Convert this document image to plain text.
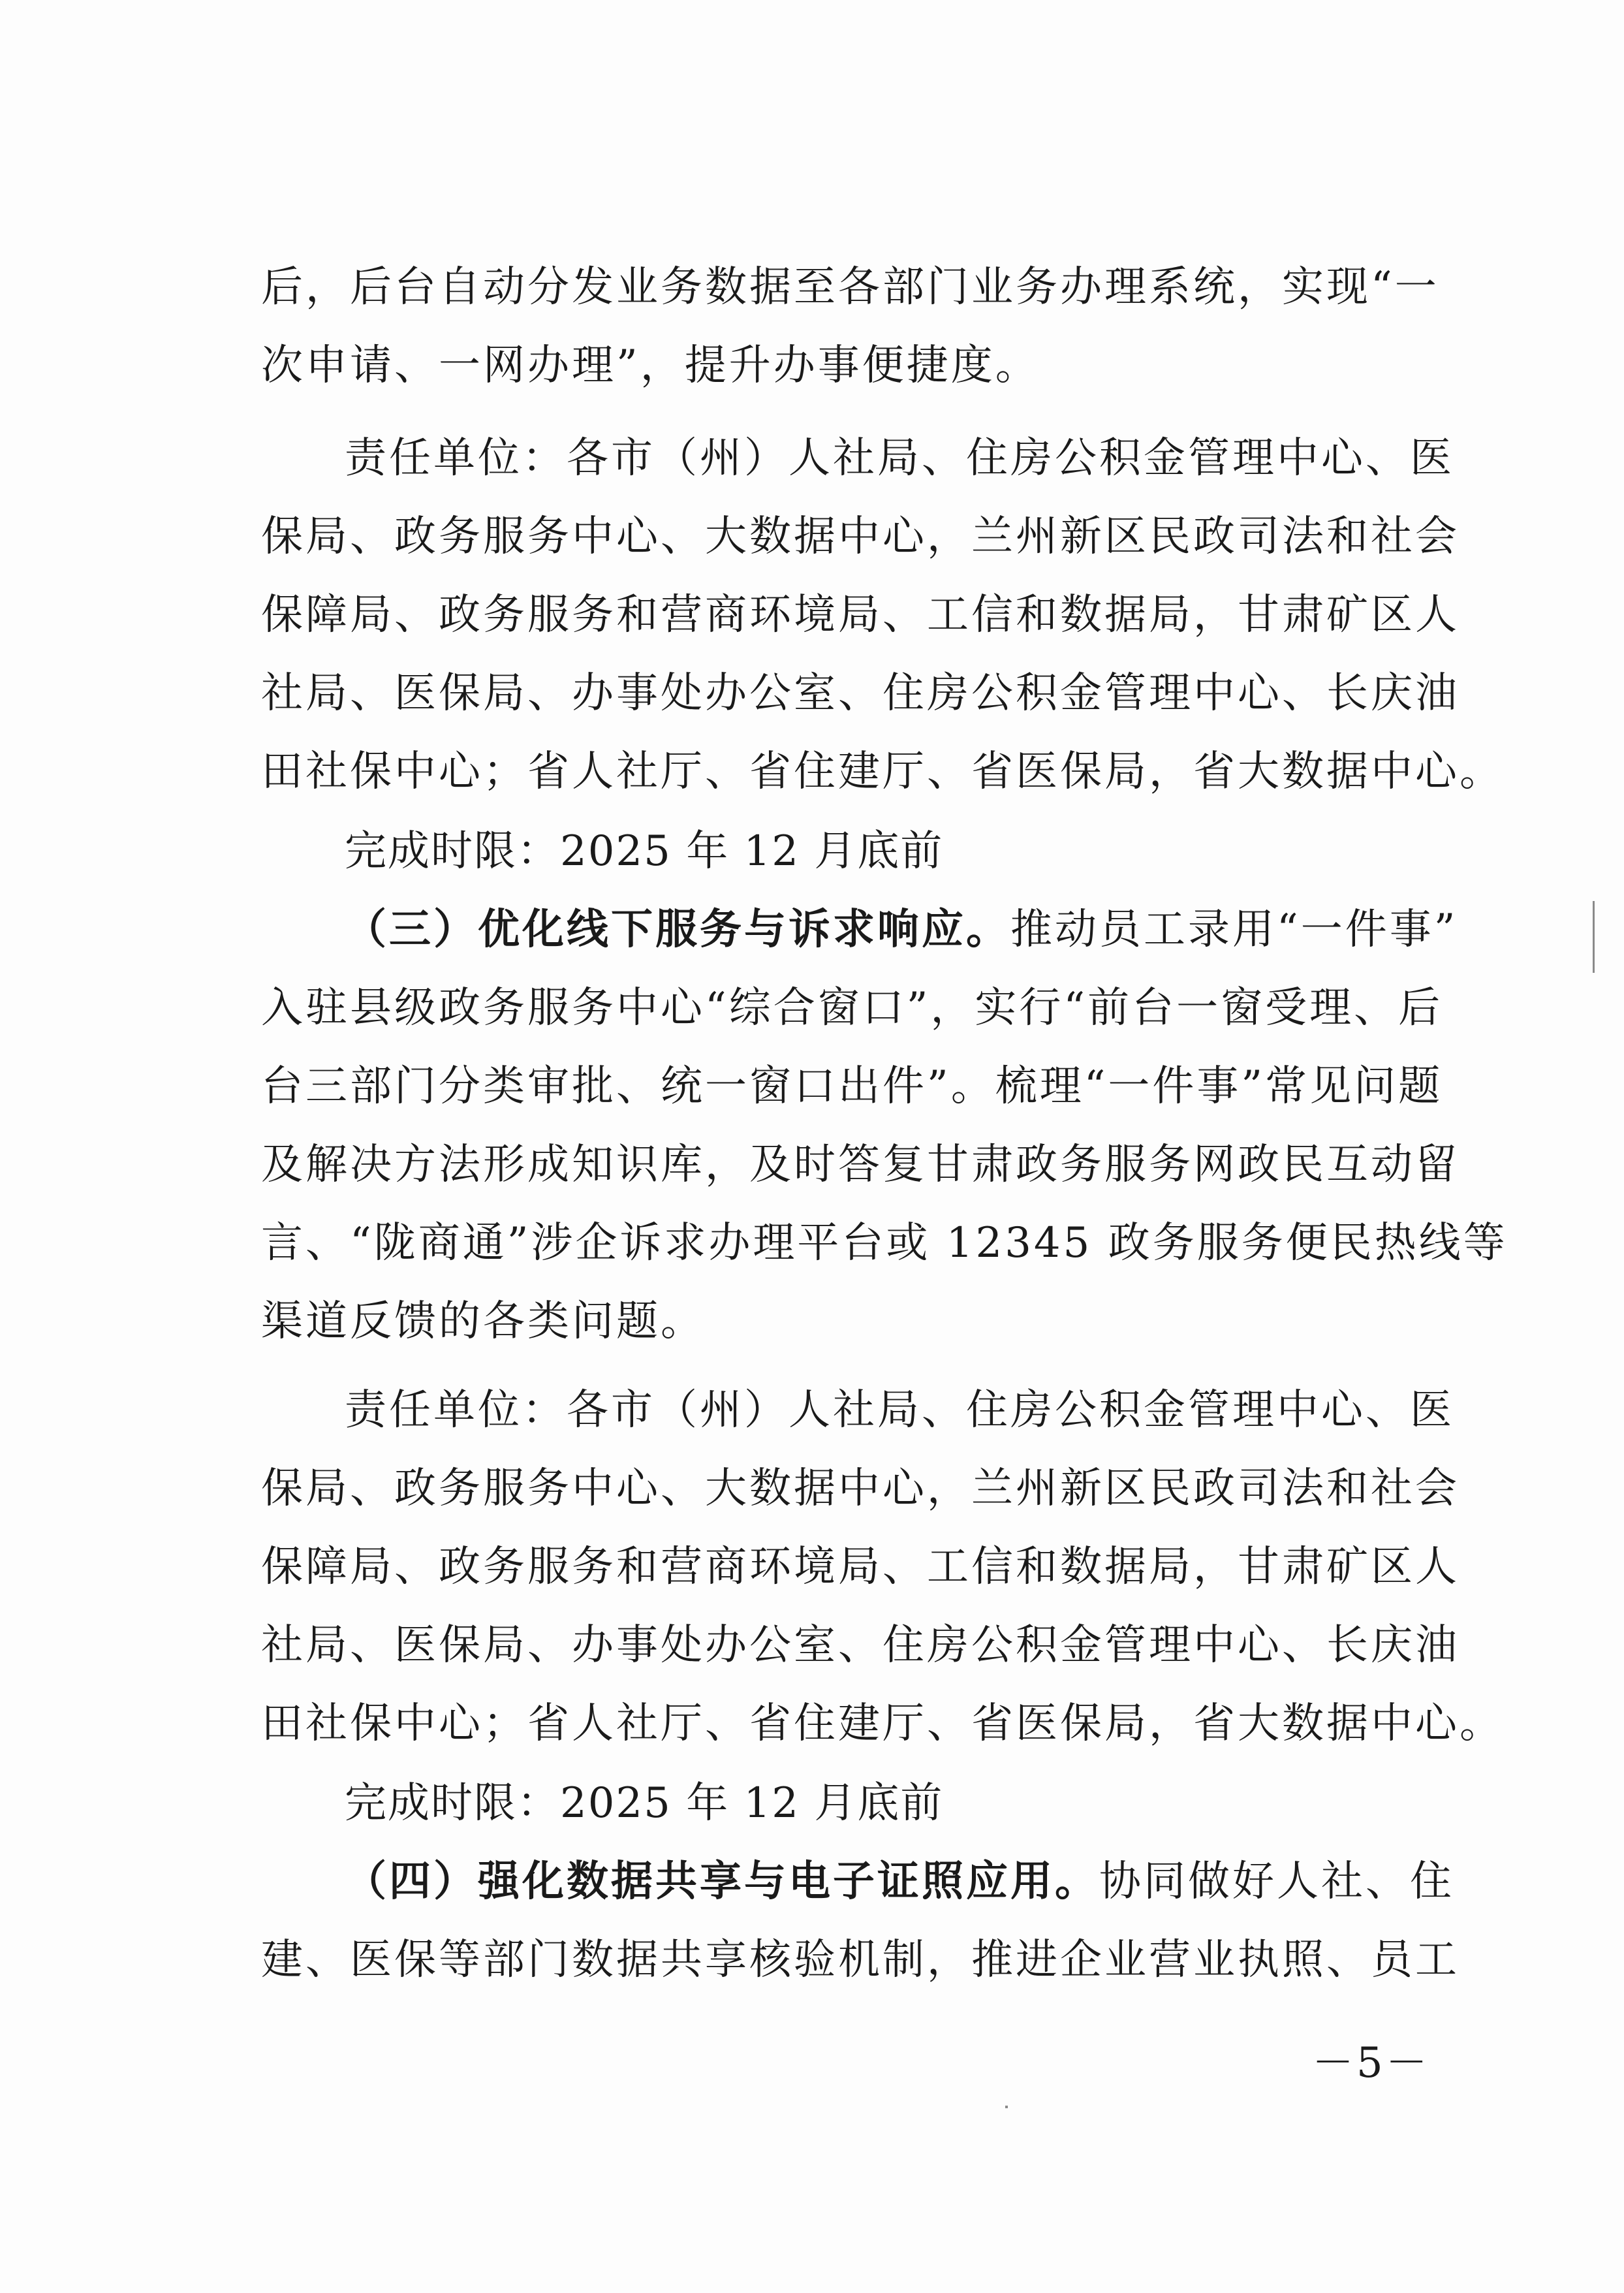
后，后台自动分发业务数据至各部门业务办理系统，实现“一
次申请、一网办理”，提升办事便捷度。
责任单位：各市（州）人社局、住房公积金管理中心、医
保局、政务服务中心、大数据中心，兰州新区民政司法和社会
保障局、政务服务和营商环境局、工信和数据局，甘肃矿区人
社局、医保局、办事处办公室、住房公积金管理中心、长庆油
田社保中心；省人社厅、省住建厅、省医保局，省大数据中心。
完成时限：2025 年 12 月底前
（三）优化线下服务与诉求响应。推动员工录用“一件事”
入驻县级政务服务中心“综合窗口”，实行“前台一窗受理、后
台三部门分类审批、统一窗口出件”。梳理“一件事”常见问题
及解决方法形成知识库，及时答复甘肃政务服务网政民互动留
言、“陇商通”涉企诉求办理平台或 12345 政务服务便民热线等
渠道反馈的各类问题。
责任单位：各市（州）人社局、住房公积金管理中心、医
保局、政务服务中心、大数据中心，兰州新区民政司法和社会
保障局、政务服务和营商环境局、工信和数据局，甘肃矿区人
社局、医保局、办事处办公室、住房公积金管理中心、长庆油
田社保中心；省人社厅、省住建厅、省医保局，省大数据中心。
完成时限：2025 年 12 月底前
（四）强化数据共享与电子证照应用。协同做好人社、住
建、医保等部门数据共享核验机制，推进企业营业执照、员工
－5－
